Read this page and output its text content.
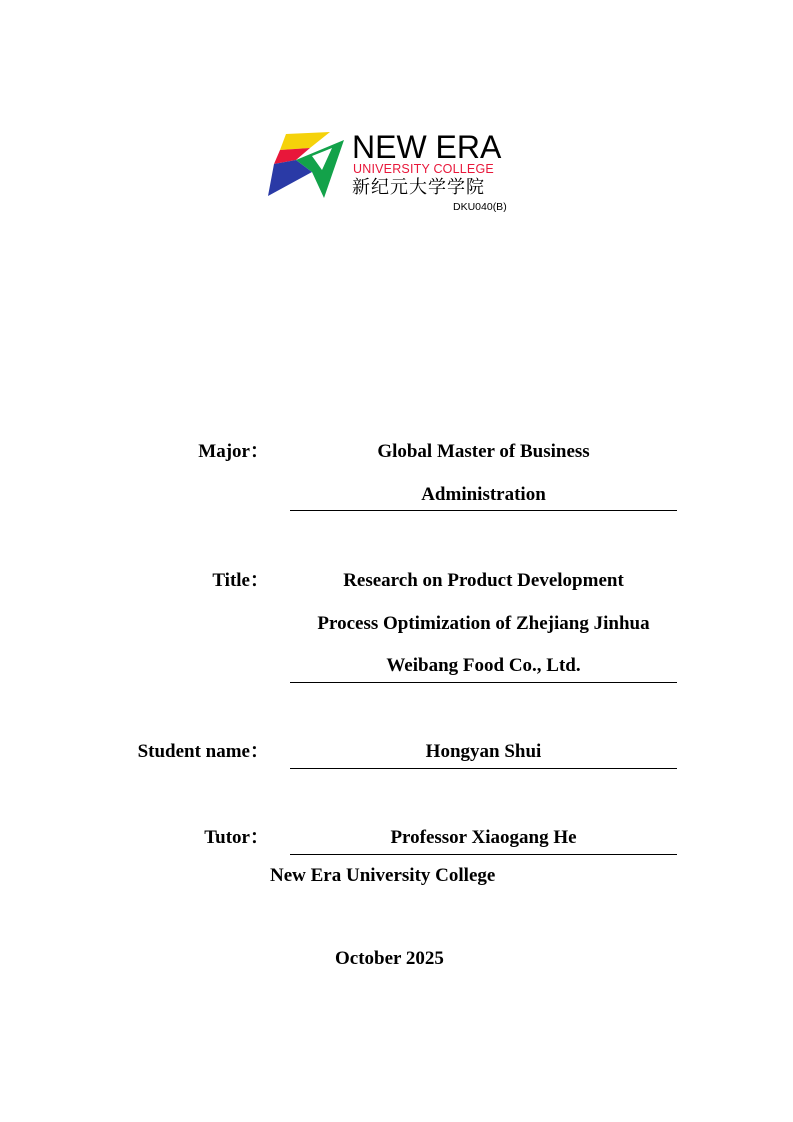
NEW ERA
UNIVERSITY COLLEGE
新纪元大学学院
DKU040(B)
Major：	Global Master of Business
Administration
Title：	Research on Product Development
Process Optimization of Zhejiang Jinhua
Weibang Food Co., Ltd.
Student name：	Hongyan Shui
Tutor：	Professor Xiaogang He
New Era University College
October 2025
